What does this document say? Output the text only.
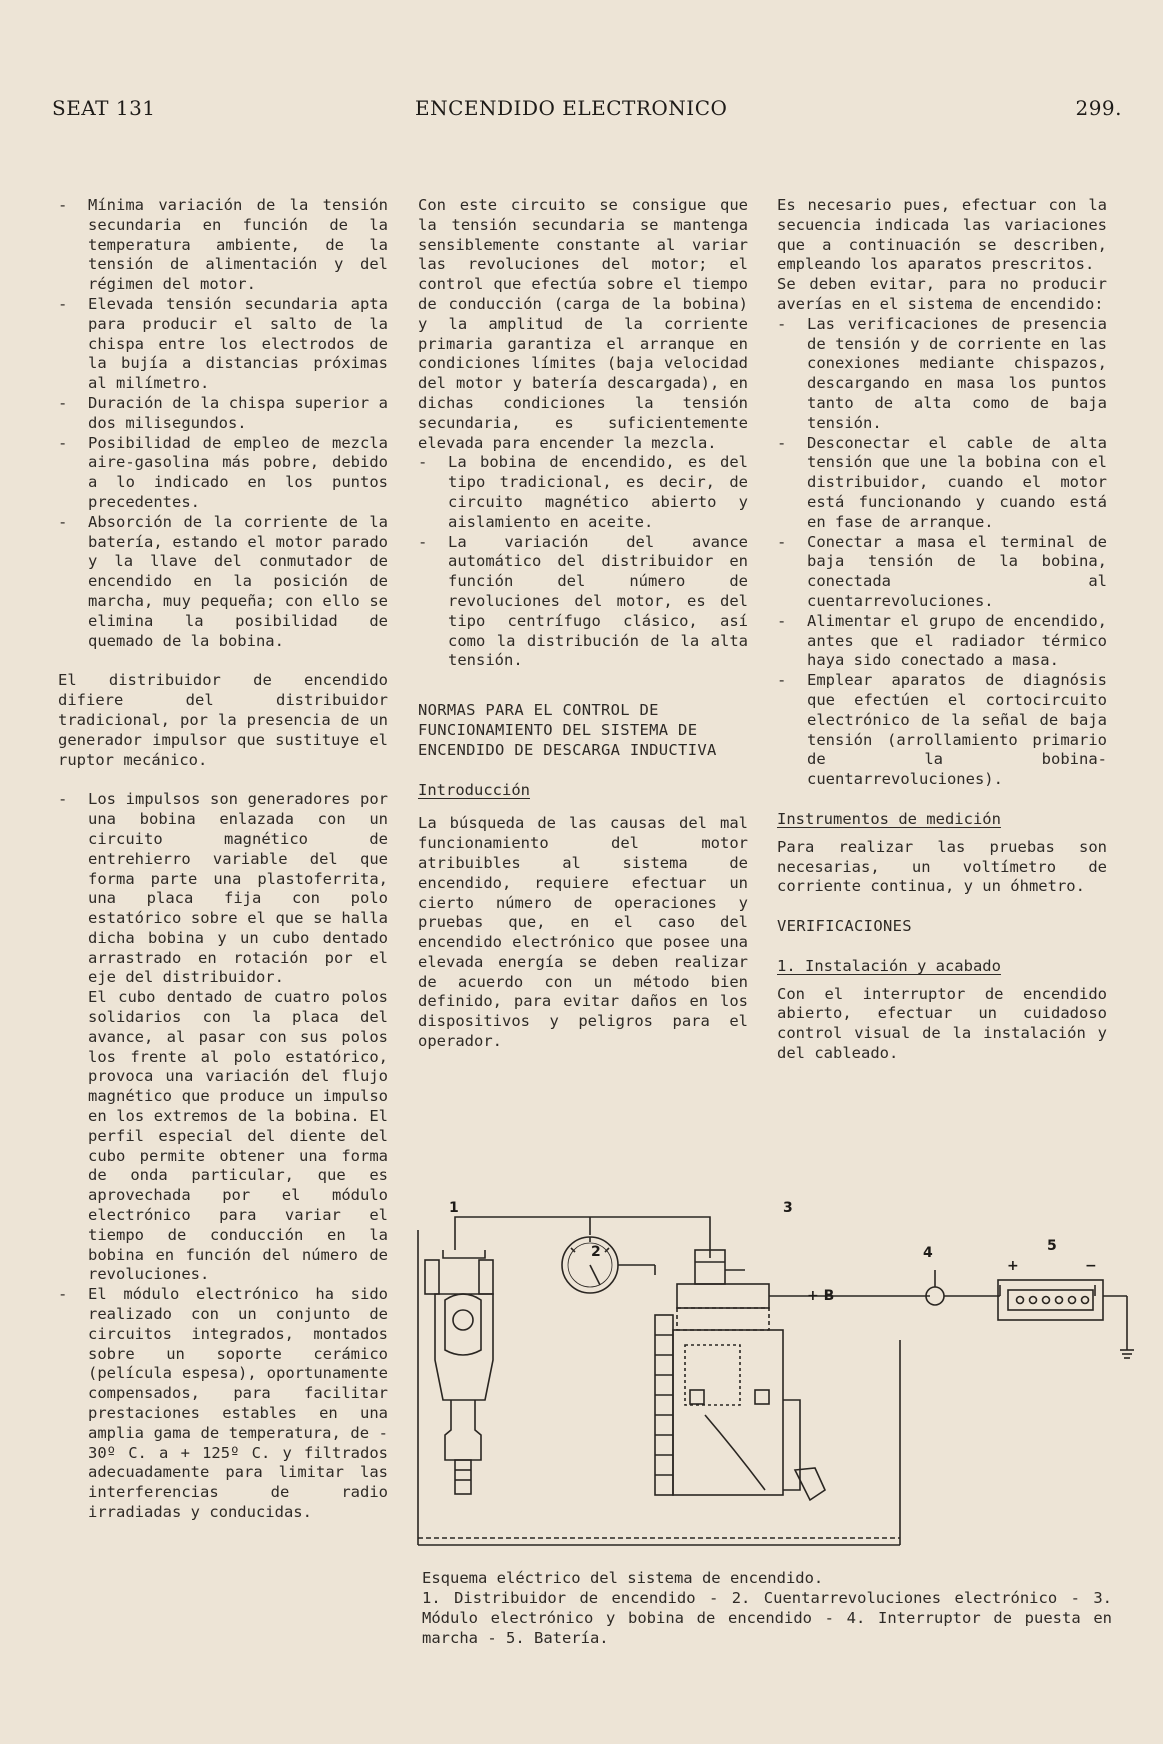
SEAT 131	ENCENDIDO ELECTRONICO	299.

- Mínima variación de la tensión secundaria en función de la temperatura ambiente, de la tensión de alimentación y del régimen del motor.

- Elevada tensión secundaria apta para producir el salto de la chispa entre los electrodos de la bujía a distancias próximas al milímetro.

- Duración de la chispa superior a dos milisegundos.

- Posibilidad de empleo de mezcla aire-gasolina más pobre, debido a lo indicado en los puntos precedentes.

- Absorción de la corriente de la batería, estando el motor parado y la llave del conmutador de encendido en la posición de marcha, muy pequeña; con ello se elimina la posibilidad de quemado de la bobina.

El distribuidor de encendido difiere del distribuidor tradicional, por la presencia de un generador impulsor que sustituye el ruptor mecánico.

- Los impulsos son generadores por una bobina enlazada con un circuito magnético de entrehierro variable del que forma parte una plastoferrita, una placa fija con polo estatórico sobre el que se halla dicha bobina y un cubo dentado arrastrado en rotación por el eje del distribuidor.

El cubo dentado de cuatro polos solidarios con la placa del avance, al pasar con sus polos los frente al polo estatórico, provoca una variación del flujo magnético que produce un impulso en los extremos de la bobina. El perfil especial del diente del cubo permite obtener una forma de onda particular, que es aprovechada por el módulo electrónico para variar el tiempo de conducción en la bobina en función del número de revoluciones.

- El módulo electrónico ha sido realizado con un conjunto de circuitos integrados, montados sobre un soporte cerámico (película espesa), oportunamente compensados, para facilitar prestaciones estables en una amplia gama de temperatura, de - 30º C. a + 125º C. y filtrados adecuadamente para limitar las interferencias de radio irradiadas y conducidas.

Con este circuito se consigue que la tensión secundaria se mantenga sensiblemente constante al variar las revoluciones del motor; el control que efectúa sobre el tiempo de conducción (carga de la bobina) y la amplitud de la corriente primaria garantiza el arranque en condiciones límites (baja velocidad del motor y batería descargada), en dichas condiciones la tensión secundaria, es suficientemente elevada para encender la mezcla.

- La bobina de encendido, es del tipo tradicional, es decir, de circuito magnético abierto y aislamiento en aceite.

- La variación del avance automático del distribuidor en función del número de revoluciones del motor, es del tipo centrífugo clásico, así como la distribución de la alta tensión.

NORMAS PARA EL CONTROL DE FUNCIONAMIENTO DEL SISTEMA DE ENCENDIDO DE DESCARGA INDUCTIVA

Introducción

La búsqueda de las causas del mal funcionamiento del motor atribuibles al sistema de encendido, requiere efectuar un cierto número de operaciones y pruebas que, en el caso del encendido electrónico que posee una elevada energía se deben realizar de acuerdo con un método bien definido, para evitar daños en los dispositivos y peligros para el operador.

Es necesario pues, efectuar con la secuencia indicada las variaciones que a continuación se describen, empleando los aparatos prescritos.

Se deben evitar, para no producir averías en el sistema de encendido:

- Las verificaciones de presencia de tensión y de corriente en las conexiones mediante chispazos, descargando en masa los puntos tanto de alta como de baja tensión.

- Desconectar el cable de alta tensión que une la bobina con el distribuidor, cuando el motor está funcionando y cuando está en fase de arranque.

- Conectar a masa el terminal de baja tensión de la bobina, conectada al cuentarrevoluciones.

- Alimentar el grupo de encendido, antes que el radiador térmico haya sido conectado a masa.

- Emplear aparatos de diagnósis que efectúen el cortocircuito electrónico de la señal de baja tensión (arrollamiento primario de la bobina-cuentarrevoluciones).

Instrumentos de medición

Para realizar las pruebas son necesarias, un voltímetro de corriente continua, y un óhmetro.

VERIFICACIONES

1. Instalación y acabado

Con el interruptor de encendido abierto, efectuar un cuidadoso control visual de la instalación y del cableado.

1
2
3
4	5
+ B
+	−

Esquema eléctrico del sistema de encendido.

1. Distribuidor de encendido - 2. Cuentarrevoluciones electrónico - 3. Módulo electrónico y bobina de encendido - 4. Interruptor de puesta en marcha - 5. Batería.
